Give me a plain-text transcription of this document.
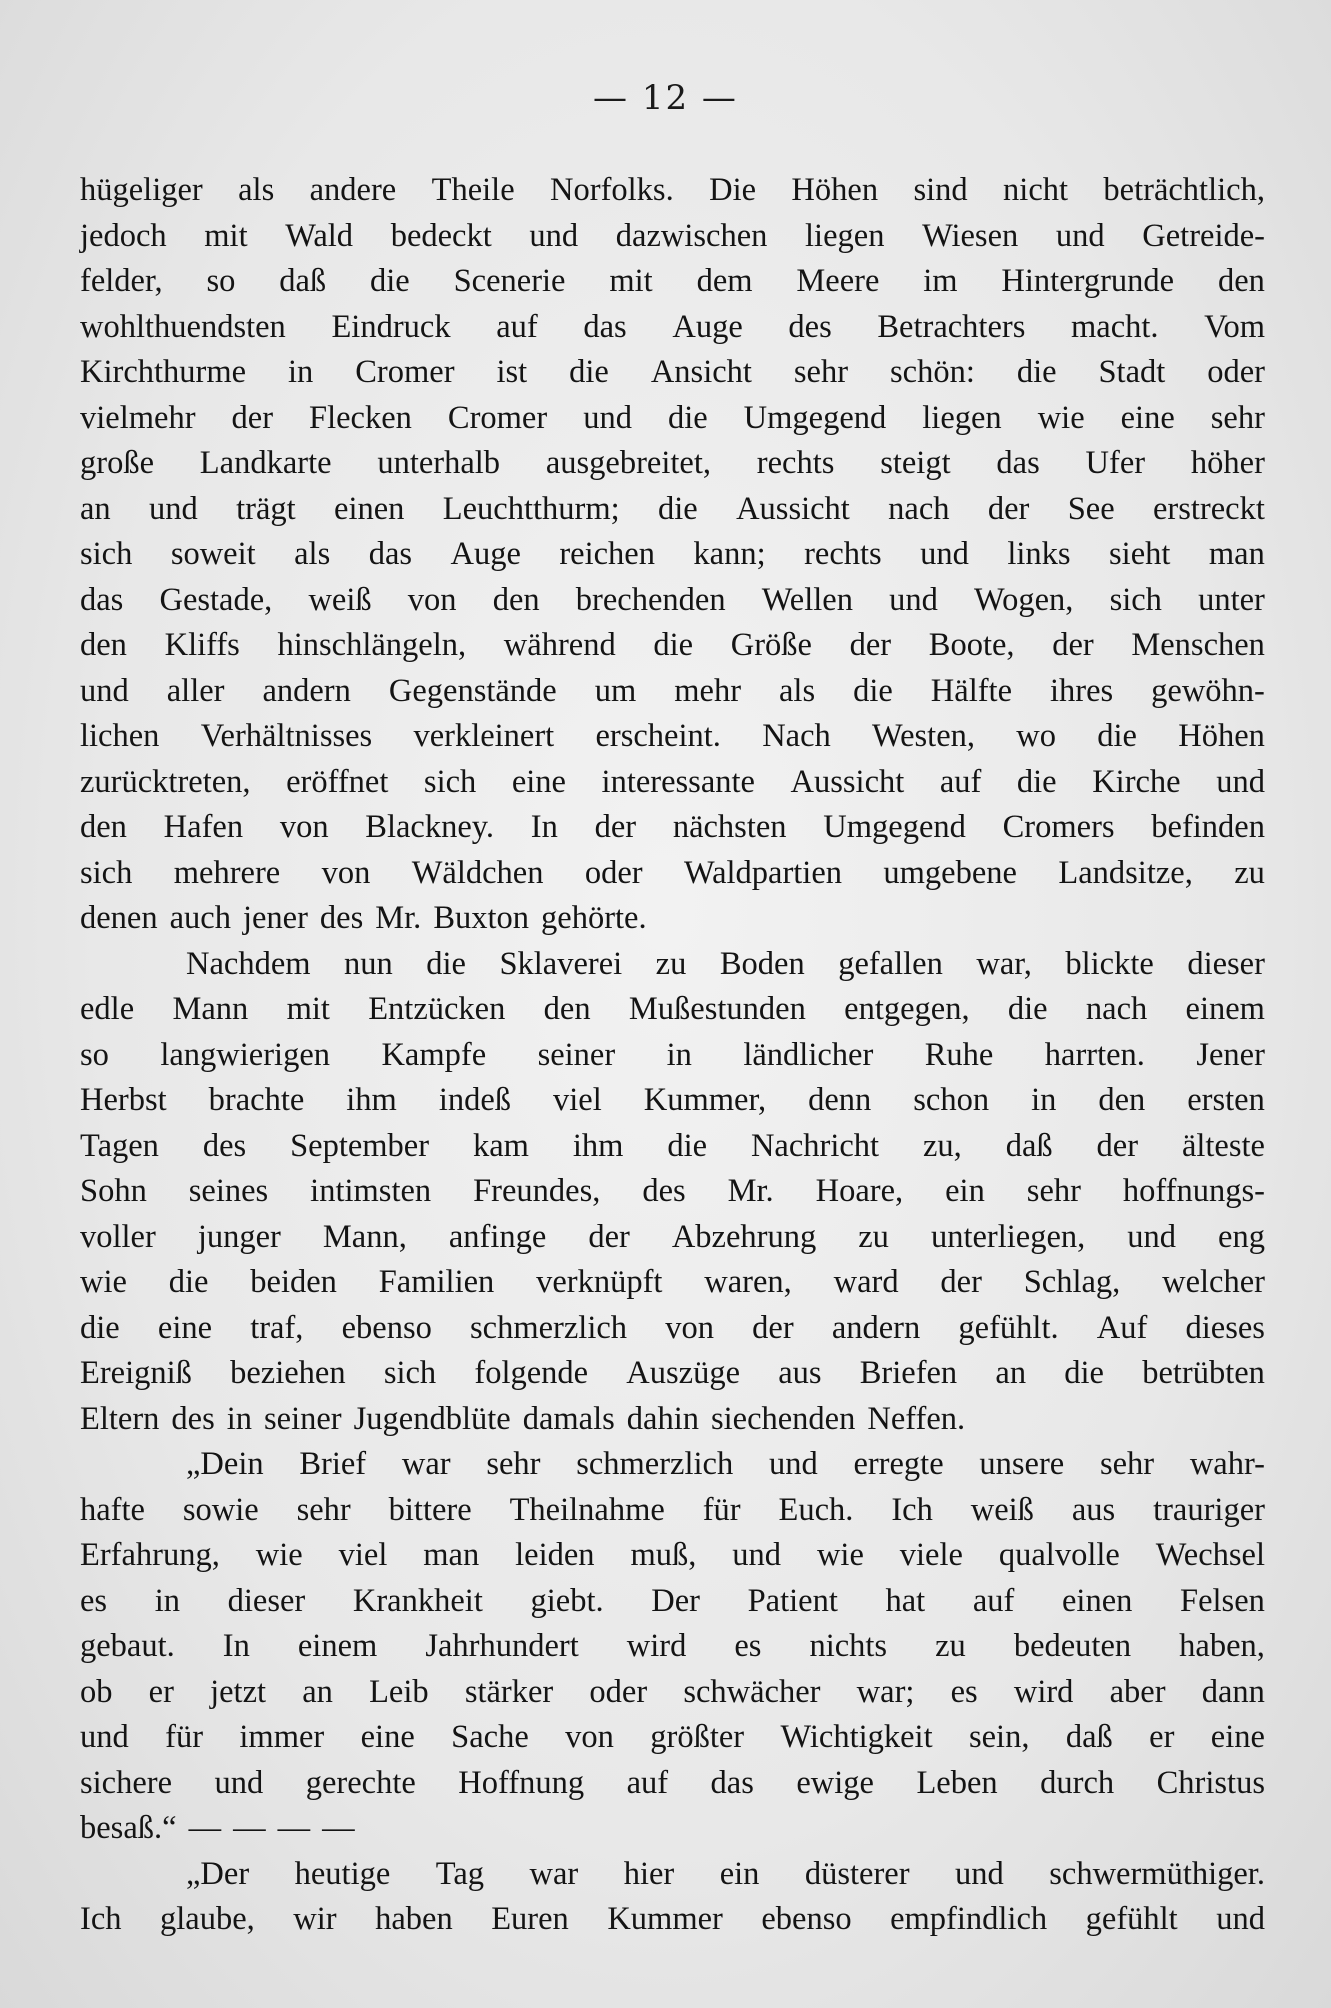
— 12 —
hügeliger als andere Theile Norfolks. Die Höhen sind nicht beträchtlich,
jedoch mit Wald bedeckt und dazwischen liegen Wiesen und Getreide-
felder, so daß die Scenerie mit dem Meere im Hintergrunde den
wohlthuendsten Eindruck auf das Auge des Betrachters macht. Vom
Kirchthurme in Cromer ist die Ansicht sehr schön: die Stadt oder
vielmehr der Flecken Cromer und die Umgegend liegen wie eine sehr
große Landkarte unterhalb ausgebreitet, rechts steigt das Ufer höher
an und trägt einen Leuchtthurm; die Aussicht nach der See erstreckt
sich soweit als das Auge reichen kann; rechts und links sieht man
das Gestade, weiß von den brechenden Wellen und Wogen, sich unter
den Kliffs hinschlängeln, während die Größe der Boote, der Menschen
und aller andern Gegenstände um mehr als die Hälfte ihres gewöhn-
lichen Verhältnisses verkleinert erscheint. Nach Westen, wo die Höhen
zurücktreten, eröffnet sich eine interessante Aussicht auf die Kirche und
den Hafen von Blackney. In der nächsten Umgegend Cromers befinden
sich mehrere von Wäldchen oder Waldpartien umgebene Landsitze, zu
denen auch jener des Mr. Buxton gehörte.
Nachdem nun die Sklaverei zu Boden gefallen war, blickte dieser
edle Mann mit Entzücken den Mußestunden entgegen, die nach einem
so langwierigen Kampfe seiner in ländlicher Ruhe harrten. Jener
Herbst brachte ihm indeß viel Kummer, denn schon in den ersten
Tagen des September kam ihm die Nachricht zu, daß der älteste
Sohn seines intimsten Freundes, des Mr. Hoare, ein sehr hoffnungs-
voller junger Mann, anfinge der Abzehrung zu unterliegen, und eng
wie die beiden Familien verknüpft waren, ward der Schlag, welcher
die eine traf, ebenso schmerzlich von der andern gefühlt. Auf dieses
Ereigniß beziehen sich folgende Auszüge aus Briefen an die betrübten
Eltern des in seiner Jugendblüte damals dahin siechenden Neffen.
„Dein Brief war sehr schmerzlich und erregte unsere sehr wahr-
hafte sowie sehr bittere Theilnahme für Euch. Ich weiß aus trauriger
Erfahrung, wie viel man leiden muß, und wie viele qualvolle Wechsel
es in dieser Krankheit giebt. Der Patient hat auf einen Felsen
gebaut. In einem Jahrhundert wird es nichts zu bedeuten haben,
ob er jetzt an Leib stärker oder schwächer war; es wird aber dann
und für immer eine Sache von größter Wichtigkeit sein, daß er eine
sichere und gerechte Hoffnung auf das ewige Leben durch Christus
besaß.“ — — — —
„Der heutige Tag war hier ein düsterer und schwermüthiger.
Ich glaube, wir haben Euren Kummer ebenso empfindlich gefühlt und
